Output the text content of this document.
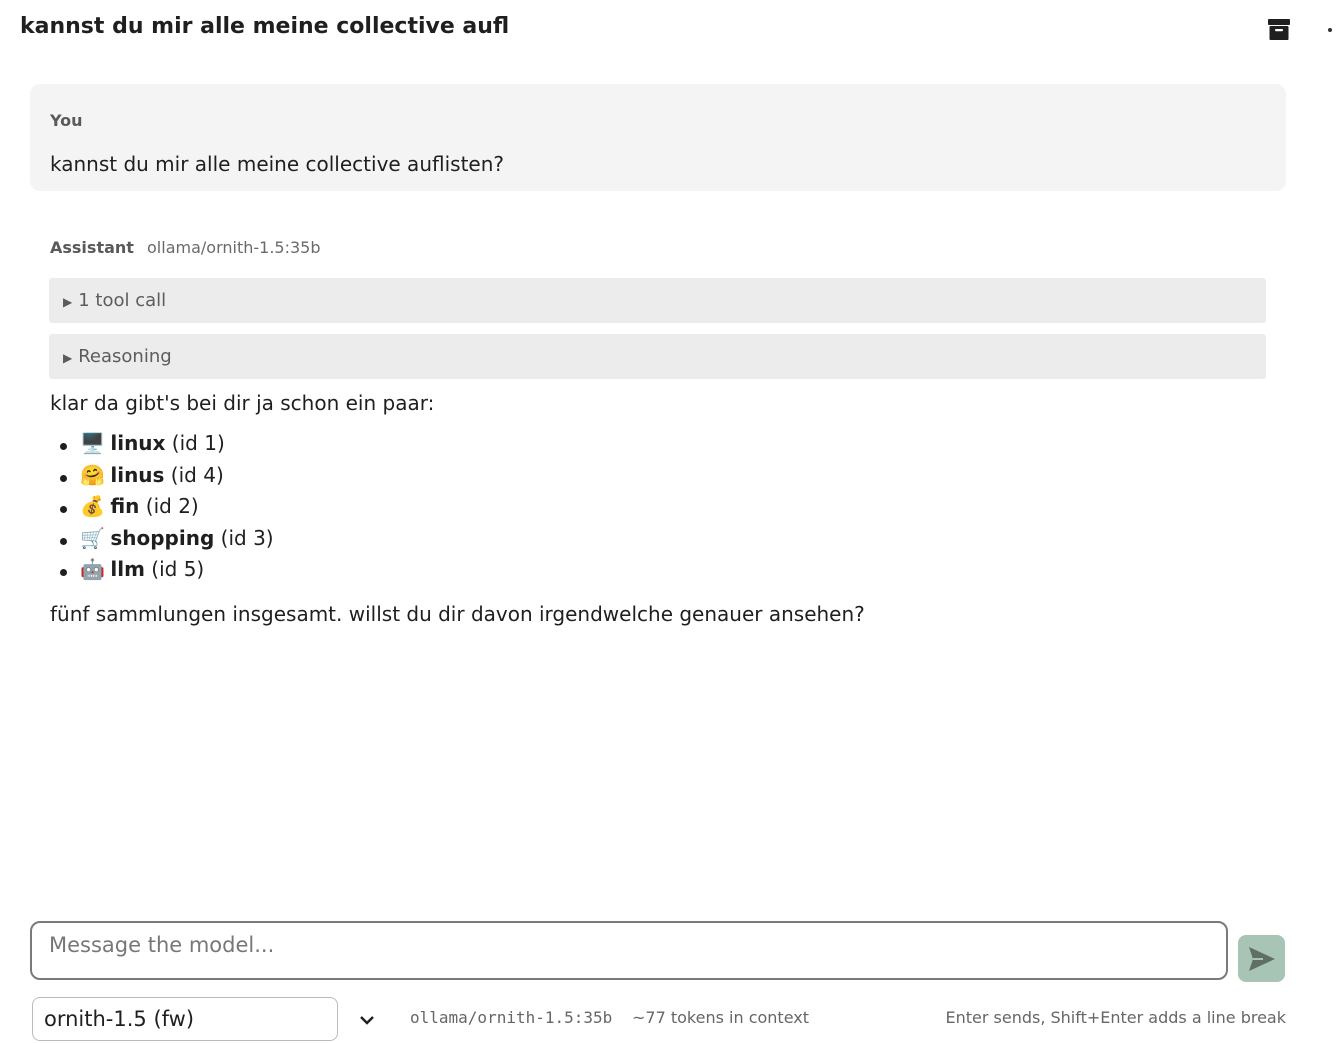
kannst du mir alle meine collective aufl
You
kannst du mir alle meine collective auflisten?
Assistant ollama/ornith-1.5:35b
▶ 1 tool call
▶ Reasoning
klar da gibt's bei dir ja schon ein paar:
🖥️ linux (id 1)
🤗 linus (id 4)
💰 fin (id 2)
🛒 shopping (id 3)
🤖 llm (id 5)
fünf sammlungen insgesamt. willst du dir davon irgendwelche genauer ansehen?
Message the model...
ornith-1.5 (fw)	ollama/ornith-1.5:35b ~77 tokens in context	Enter sends, Shift+Enter adds a line break
